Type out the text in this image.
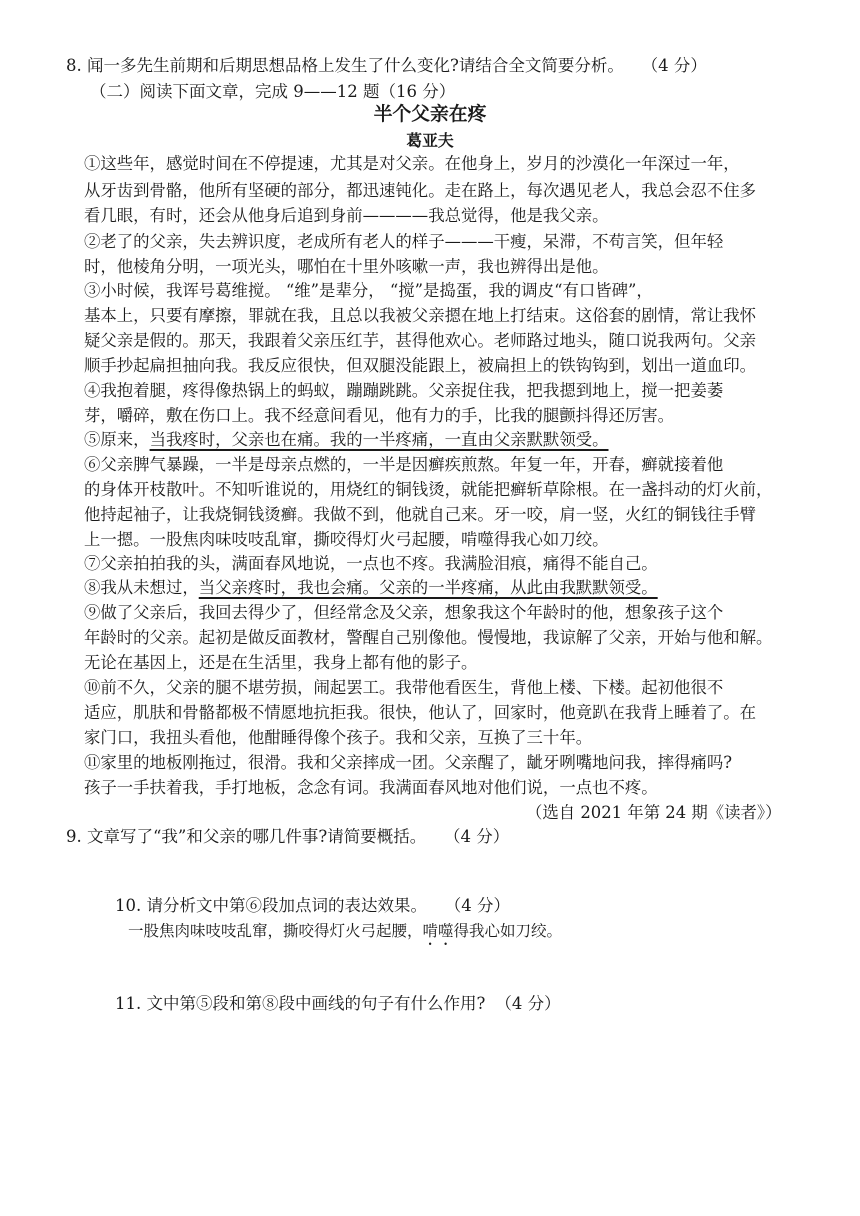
8. 闻一多先生前期和后期思想品格上发生了什么变化?请结合全文简要分析。 （4 分）
（二）阅读下面文章，完成 9——12 题（16 分）
半个父亲在疼
葛亚夫
①这些年，感觉时间在不停提速，尤其是对父亲。在他身上，岁月的沙漠化一年深过一年，
从牙齿到骨骼，他所有坚硬的部分，都迅速钝化。走在路上，每次遇见老人，我总会忍不住多
看几眼，有时，还会从他身后追到身前————我总觉得，他是我父亲。
②老了的父亲，失去辨识度，老成所有老人的样子———干瘦，呆滞，不苟言笑，但年轻
时，他棱角分明，一项光头，哪怕在十里外咳嗽一声，我也辨得出是他。
③小时候，我诨号葛维搅。 “维”是辈分， “搅”是捣蛋，我的调皮“有口皆碑”，
基本上，只要有摩擦，罪就在我，且总以我被父亲摁在地上打结束。这俗套的剧情，常让我怀
疑父亲是假的。那天，我跟着父亲压红芋，甚得他欢心。老师路过地头，随口说我两句。父亲
顺手抄起扁担抽向我。我反应很快，但双腿没能跟上，被扁担上的铁钩钩到，划出一道血印。
④我抱着腿，疼得像热锅上的蚂蚁，蹦蹦跳跳。父亲捉住我，把我摁到地上，搅一把姜萎
芽，嚼碎，敷在伤口上。我不经意间看见，他有力的手，比我的腿颤抖得还厉害。
⑤原来，当我疼时，父亲也在痛。我的一半疼痛，一直由父亲默默领受。
⑥父亲脾气暴躁，一半是母亲点燃的，一半是因癣疾煎熬。年复一年，开春，癣就接着他
的身体开枝散叶。不知听谁说的，用烧红的铜钱烫，就能把癣斩草除根。在一盏抖动的灯火前，
他持起袖子，让我烧铜钱烫癣。我做不到，他就自己来。牙一咬，肩一竖，火红的铜钱往手臂
上一摁。一股焦肉味吱吱乱窜，撕咬得灯火弓起腰，啃噬得我心如刀绞。
⑦父亲拍拍我的头，满面春风地说，一点也不疼。我满脸泪痕，痛得不能自己。
⑧我从未想过，当父亲疼时，我也会痛。父亲的一半疼痛，从此由我默默领受。
⑨做了父亲后，我回去得少了，但经常念及父亲，想象我这个年龄时的他，想象孩子这个
年龄时的父亲。起初是做反面教材，警醒自己别像他。慢慢地，我谅解了父亲，开始与他和解。
无论在基因上，还是在生活里，我身上都有他的影子。
⑩前不久，父亲的腿不堪劳损，闹起罢工。我带他看医生，背他上楼、下楼。起初他很不
适应，肌肤和骨骼都极不情愿地抗拒我。很快，他认了，回家时，他竟趴在我背上睡着了。在
家门口，我扭头看他，他酣睡得像个孩子。我和父亲，互换了三十年。
⑪家里的地板刚拖过，很滑。我和父亲摔成一团。父亲醒了，龇牙咧嘴地问我，摔得痛吗?
孩子一手扶着我，手打地板，念念有词。我满面春风地对他们说，一点也不疼。
（选自 2021 年第 24 期《读者》）
9. 文章写了“我”和父亲的哪几件事?请简要概括。 （4 分）
10. 请分析文中第⑥段加点词的表达效果。 （4 分）
一股焦肉味吱吱乱窜，撕咬得灯火弓起腰，啃噬得我心如刀绞。
11. 文中第⑤段和第⑧段中画线的句子有什么作用? （4 分）
